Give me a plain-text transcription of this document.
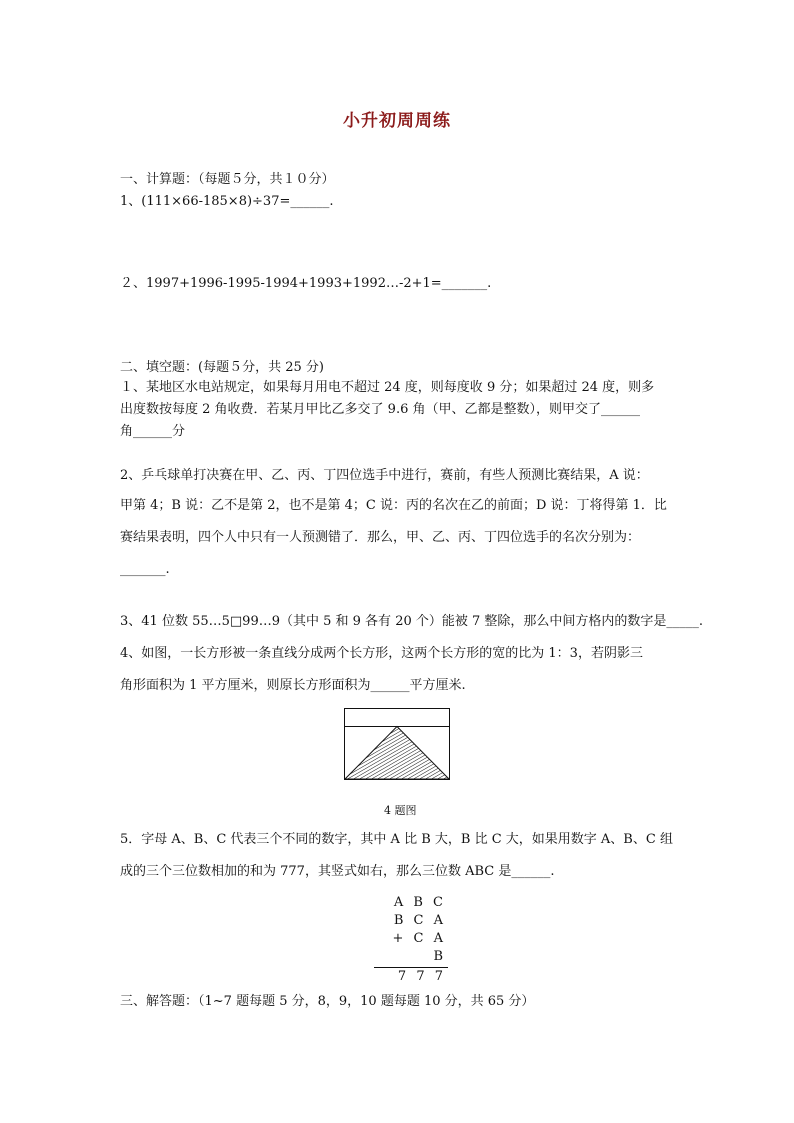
小升初周周练
一、计算题：（每题５分，共１０分）
1、(111×66-185×8)÷37=______.
２、1997+1996-1995-1994+1993+1992…-2+1=_______.
二、填空题：(每题５分，共 25 分)
１、某地区水电站规定，如果每月用电不超过 24 度，则每度收 9 分；如果超过 24 度，则多
出度数按每度 2 角收费．若某月甲比乙多交了 9.6 角（甲、乙都是整数），则甲交了______
角______分
2、乒乓球单打决赛在甲、乙、丙、丁四位选手中进行，赛前，有些人预测比赛结果，A 说：
甲第 4；B 说：乙不是第 2，也不是第 4；C 说：丙的名次在乙的前面；D 说：丁将得第 1．比
赛结果表明，四个人中只有一人预测错了．那么，甲、乙、丙、丁四位选手的名次分别为：
_______.
3、41 位数 55…5□99…9（其中 5 和 9 各有 20 个）能被 7 整除，那么中间方格内的数字是_____.
4、如图，一长方形被一条直线分成两个长方形，这两个长方形的宽的比为 1：3，若阴影三
角形面积为 1 平方厘米，则原长方形面积为______平方厘米.
4 题图
5．字母 A、B、C 代表三个不同的数字，其中 A 比 B 大，B 比 C 大，如果用数字 A、B、C 组
成的三个三位数相加的和为 777，其竖式如右，那么三位数 ABC 是______.
A B C
B C A
+ C A B
7 7 7
三、解答题：（1~7 题每题 5 分，8，9，10 题每题 10 分，共 65 分）
